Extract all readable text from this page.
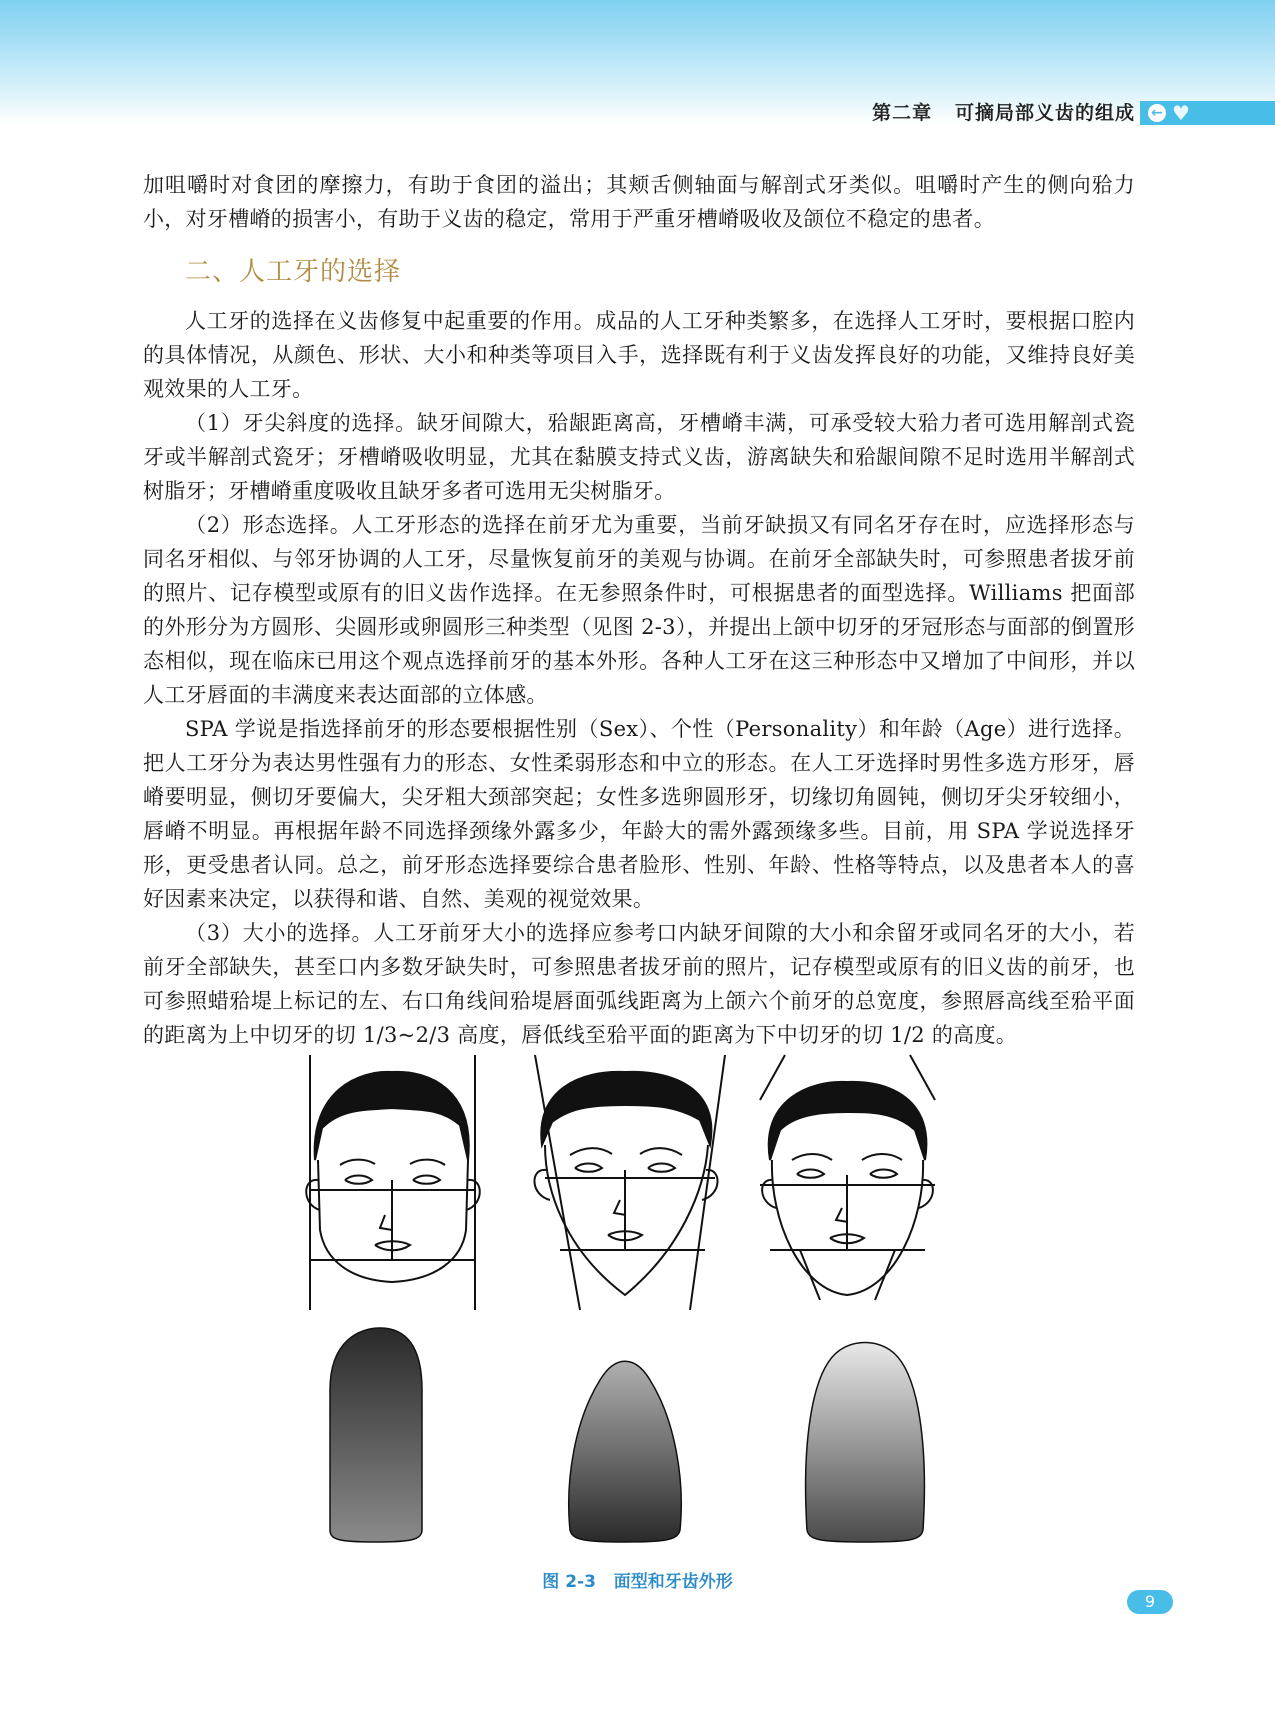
第二章 可摘局部义齿的组成 ← ♥

加咀嚼时对食团的摩擦力，有助于食团的溢出；其颊舌侧轴面与解剖式牙类似。咀嚼时产生的侧向𬌗力小，对牙槽嵴的损害小，有助于义齿的稳定，常用于严重牙槽嵴吸收及颌位不稳定的患者。

二、人工牙的选择

人工牙的选择在义齿修复中起重要的作用。成品的人工牙种类繁多，在选择人工牙时，要根据口腔内的具体情况，从颜色、形状、大小和种类等项目入手，选择既有利于义齿发挥良好的功能，又维持良好美观效果的人工牙。

（1）牙尖斜度的选择。缺牙间隙大，𬌗龈距离高，牙槽嵴丰满，可承受较大𬌗力者可选用解剖式瓷牙或半解剖式瓷牙；牙槽嵴吸收明显，尤其在黏膜支持式义齿，游离缺失和𬌗龈间隙不足时选用半解剖式树脂牙；牙槽嵴重度吸收且缺牙多者可选用无尖树脂牙。

（2）形态选择。人工牙形态的选择在前牙尤为重要，当前牙缺损又有同名牙存在时，应选择形态与同名牙相似、与邻牙协调的人工牙，尽量恢复前牙的美观与协调。在前牙全部缺失时，可参照患者拔牙前的照片、记存模型或原有的旧义齿作选择。在无参照条件时，可根据患者的面型选择。Williams 把面部的外形分为方圆形、尖圆形或卵圆形三种类型（见图 2-3），并提出上颌中切牙的牙冠形态与面部的倒置形态相似，现在临床已用这个观点选择前牙的基本外形。各种人工牙在这三种形态中又增加了中间形，并以人工牙唇面的丰满度来表达面部的立体感。

SPA 学说是指选择前牙的形态要根据性别（Sex）、个性（Personality）和年龄（Age）进行选择。把人工牙分为表达男性强有力的形态、女性柔弱形态和中立的形态。在人工牙选择时男性多选方形牙，唇嵴要明显，侧切牙要偏大，尖牙粗大颈部突起；女性多选卵圆形牙，切缘切角圆钝，侧切牙尖牙较细小，唇嵴不明显。再根据年龄不同选择颈缘外露多少，年龄大的需外露颈缘多些。目前，用 SPA 学说选择牙形，更受患者认同。总之，前牙形态选择要综合患者脸形、性别、年龄、性格等特点，以及患者本人的喜好因素来决定，以获得和谐、自然、美观的视觉效果。

（3）大小的选择。人工牙前牙大小的选择应参考口内缺牙间隙的大小和余留牙或同名牙的大小，若前牙全部缺失，甚至口内多数牙缺失时，可参照患者拔牙前的照片，记存模型或原有的旧义齿的前牙，也可参照蜡𬌗堤上标记的左、右口角线间𬌗堤唇面弧线距离为上颌六个前牙的总宽度，参照唇高线至𬌗平面的距离为上中切牙的切 1/3~2/3 高度，唇低线至𬌗平面的距离为下中切牙的切 1/2 的高度。

图 2-3 面型和牙齿外形
9
